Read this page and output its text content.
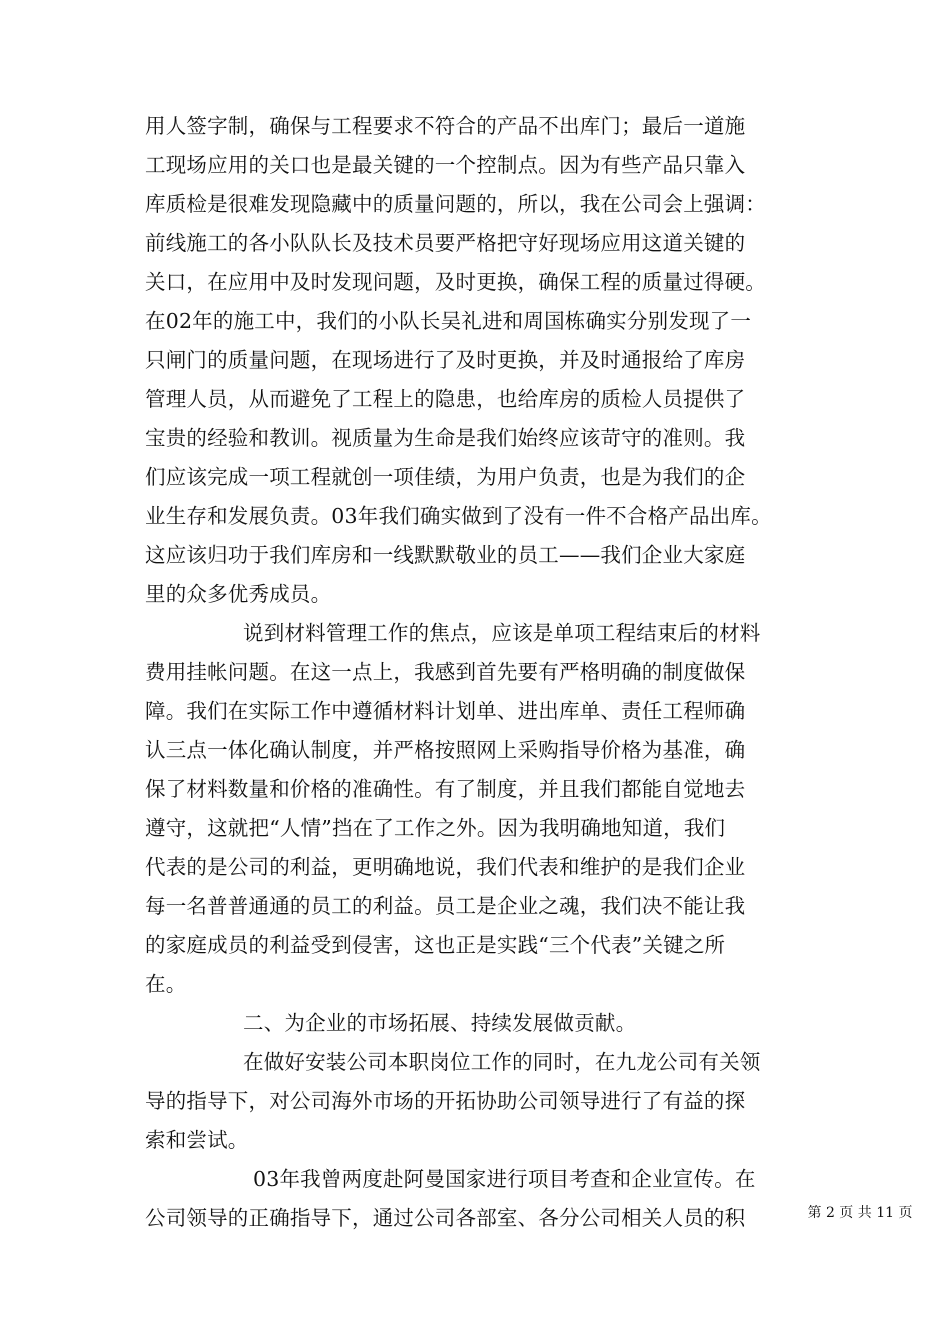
用人签字制，确保与工程要求不符合的产品不出库门；最后一道施
工现场应用的关口也是最关键的一个控制点。因为有些产品只靠入
库质检是很难发现隐藏中的质量问题的，所以，我在公司会上强调：
前线施工的各小队队长及技术员要严格把守好现场应用这道关键的
关口，在应用中及时发现问题，及时更换，确保工程的质量过得硬。
在02年的施工中，我们的小队长吴礼进和周国栋确实分别发现了一
只闸门的质量问题，在现场进行了及时更换，并及时通报给了库房
管理人员，从而避免了工程上的隐患，也给库房的质检人员提供了
宝贵的经验和教训。视质量为生命是我们始终应该苛守的准则。我
们应该完成一项工程就创一项佳绩，为用户负责，也是为我们的企
业生存和发展负责。03年我们确实做到了没有一件不合格产品出库。
这应该归功于我们库房和一线默默敬业的员工——我们企业大家庭
里的众多优秀成员。
说到材料管理工作的焦点，应该是单项工程结束后的材料
费用挂帐问题。在这一点上，我感到首先要有严格明确的制度做保
障。我们在实际工作中遵循材料计划单、进出库单、责任工程师确
认三点一体化确认制度，并严格按照网上采购指导价格为基准，确
保了材料数量和价格的准确性。有了制度，并且我们都能自觉地去
遵守，这就把“人情”挡在了工作之外。因为我明确地知道，我们
代表的是公司的利益，更明确地说，我们代表和维护的是我们企业
每一名普普通通的员工的利益。员工是企业之魂，我们决不能让我
的家庭成员的利益受到侵害，这也正是实践“三个代表”关键之所
在。
二、为企业的市场拓展、持续发展做贡献。
在做好安装公司本职岗位工作的同时，在九龙公司有关领
导的指导下，对公司海外市场的开拓协助公司领导进行了有益的探
索和尝试。
03年我曾两度赴阿曼国家进行项目考查和企业宣传。在
公司领导的正确指导下，通过公司各部室、各分公司相关人员的积	第 2 页 共 11 页
